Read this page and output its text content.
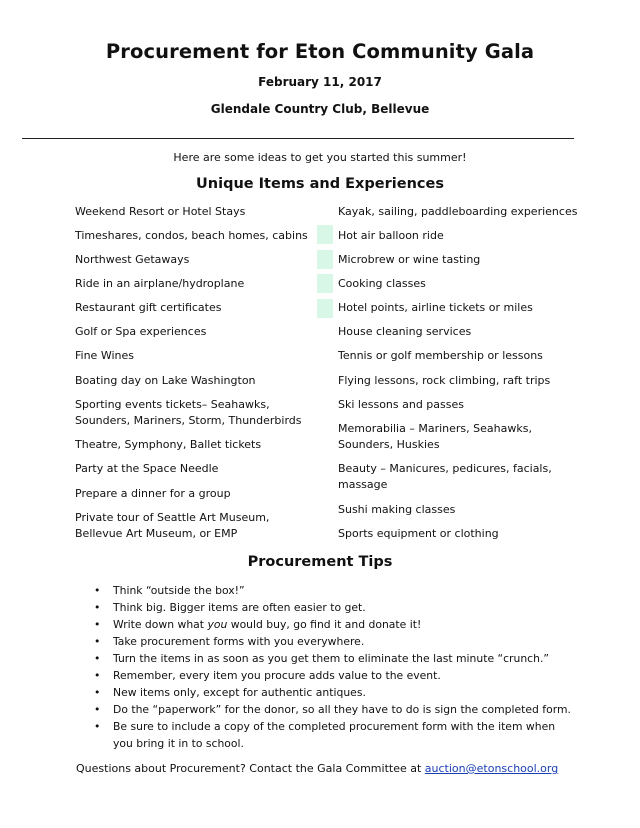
Procurement for Eton Community Gala
February 11, 2017
Glendale Country Club, Bellevue
Here are some ideas to get you started this summer!
Unique Items and Experiences
Weekend Resort or Hotel Stays
Timeshares, condos, beach homes, cabins
Northwest Getaways
Ride in an airplane/hydroplane
Restaurant gift certificates
Golf or Spa experiences
Fine Wines
Boating day on Lake Washington
Sporting events tickets– Seahawks,
Sounders, Mariners, Storm, Thunderbirds
Theatre, Symphony, Ballet tickets
Party at the Space Needle
Prepare a dinner for a group
Private tour of Seattle Art Museum,
Bellevue Art Museum, or EMP
Kayak, sailing, paddleboarding experiences
Hot air balloon ride
Microbrew or wine tasting
Cooking classes
Hotel points, airline tickets or miles
House cleaning services
Tennis or golf membership or lessons
Flying lessons, rock climbing, raft trips
Ski lessons and passes
Memorabilia – Mariners, Seahawks,
Sounders, Huskies
Beauty – Manicures, pedicures, facials,
massage
Sushi making classes
Sports equipment or clothing
Procurement Tips
• Think “outside the box!”
• Think big. Bigger items are often easier to get.
• Write down what you would buy, go find it and donate it!
• Take procurement forms with you everywhere.
• Turn the items in as soon as you get them to eliminate the last minute “crunch.”
• Remember, every item you procure adds value to the event.
• New items only, except for authentic antiques.
• Do the “paperwork” for the donor, so all they have to do is sign the completed form.
• Be sure to include a copy of the completed procurement form with the item when
you bring it in to school.
Questions about Procurement? Contact the Gala Committee at auction@etonschool.org
